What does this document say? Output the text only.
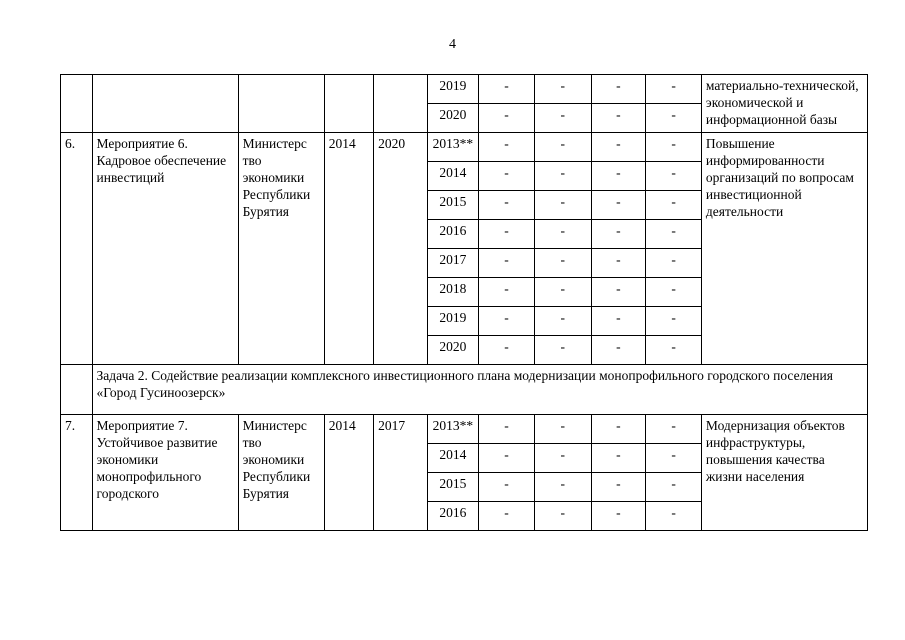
4
					2019	-	-	-	-	материально-технической, экономической и информационной базы
					2020	-	-	-	-	
6.	Мероприятие 6. Кадровое обеспечение инвестиций	Министерс тво экономики Республики Бурятия	2014	2020	2013**	-	-	-	-	Повышение информированности организаций по вопросам инвестиционной деятельности
					2014	-	-	-	-	
					2015	-	-	-	-	
					2016	-	-	-	-	
					2017	-	-	-	-	
					2018	-	-	-	-	
					2019	-	-	-	-	
					2020	-	-	-	-	
	Задача 2. Содействие реализации комплексного инвестиционного плана модернизации монопрофильного городского поселения «Город Гусиноозерск»									
7.	Мероприятие 7. Устойчивое развитие экономики монопрофильного городского	Министерс тво экономики Республики Бурятия	2014	2017	2013**	-	-	-	-	Модернизация объектов инфраструктуры, повышения качества жизни населения
					2014	-	-	-	-	
					2015	-	-	-	-	
					2016	-	-	-	-	
